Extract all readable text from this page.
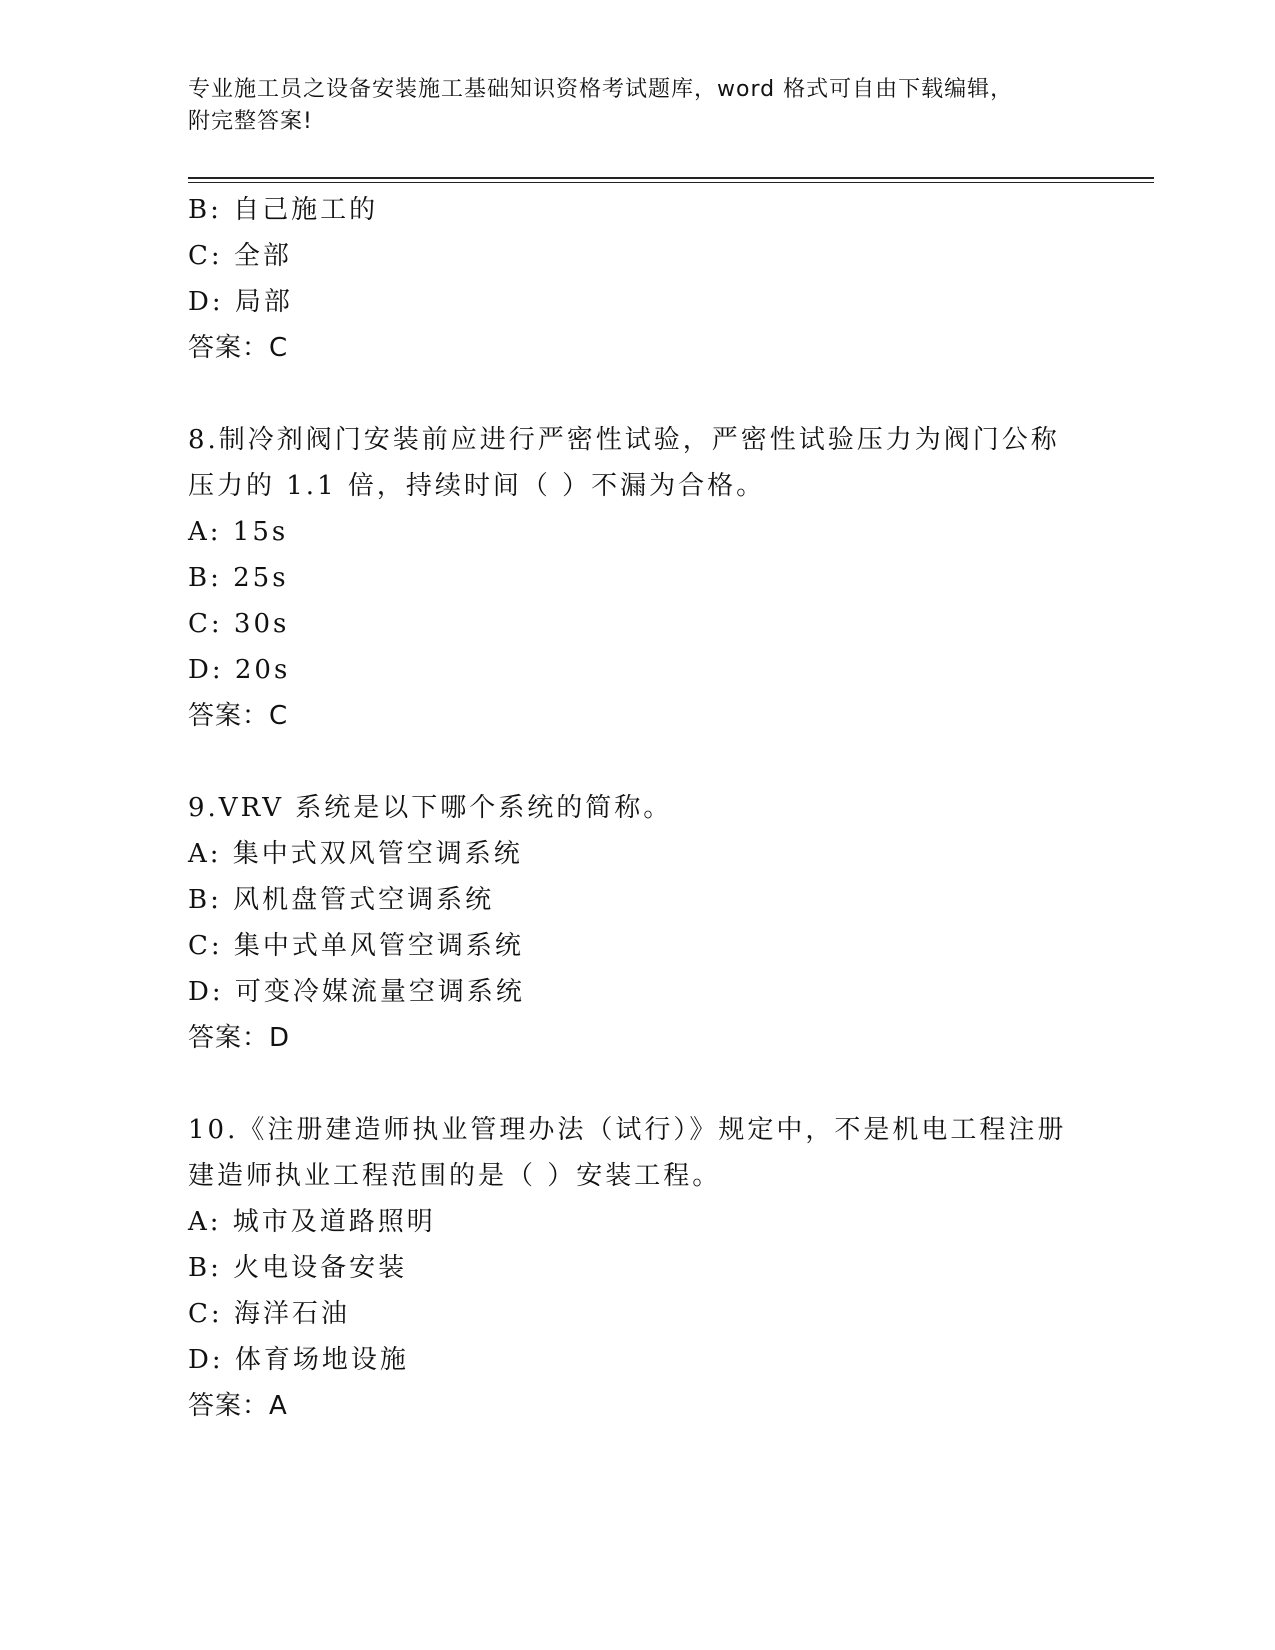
专业施工员之设备安装施工基础知识资格考试题库，word 格式可自由下载编辑，
附完整答案!
B: 自己施工的
C: 全部
D: 局部
答案：C
8.制冷剂阀门安装前应进行严密性试验，严密性试验压力为阀门公称
压力的 1.1 倍，持续时间（ ）不漏为合格。
A: 15s
B: 25s
C: 30s
D: 20s
答案：C
9.VRV 系统是以下哪个系统的简称。
A: 集中式双风管空调系统
B: 风机盘管式空调系统
C: 集中式单风管空调系统
D: 可变冷媒流量空调系统
答案：D
10.《注册建造师执业管理办法（试行）》规定中，不是机电工程注册
建造师执业工程范围的是（ ）安装工程。
A: 城市及道路照明
B: 火电设备安装
C: 海洋石油
D: 体育场地设施
答案：A
